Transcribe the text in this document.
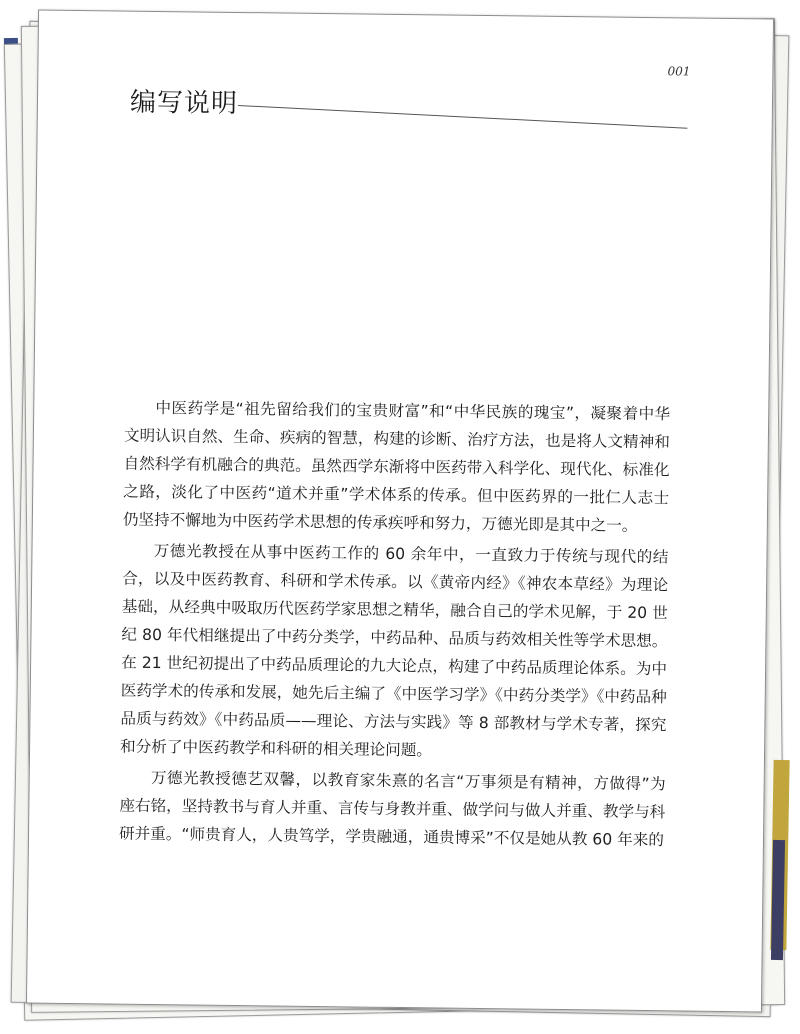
001

编写说明

中医药学是“祖先留给我们的宝贵财富”和“中华民族的瑰宝”，凝聚着中华文明认识自然、生命、疾病的智慧，构建的诊断、治疗方法，也是将人文精神和自然科学有机融合的典范。虽然西学东渐将中医药带入科学化、现代化、标准化之路，淡化了中医药“道术并重”学术体系的传承。但中医药界的一批仁人志士仍坚持不懈地为中医药学术思想的传承疾呼和努力，万德光即是其中之一。

万德光教授在从事中医药工作的 60 余年中，一直致力于传统与现代的结合，以及中医药教育、科研和学术传承。以《黄帝内经》《神农本草经》为理论基础，从经典中吸取历代医药学家思想之精华，融合自己的学术见解，于 20 世纪 80 年代相继提出了中药分类学，中药品种、品质与药效相关性等学术思想。在 21 世纪初提出了中药品质理论的九大论点，构建了中药品质理论体系。为中医药学术的传承和发展，她先后主编了《中医学习学》《中药分类学》《中药品种品质与药效》《中药品质——理论、方法与实践》等 8 部教材与学术专著，探究和分析了中医药教学和科研的相关理论问题。

万德光教授德艺双馨，以教育家朱熹的名言“万事须是有精神，方做得”为座右铭，坚持教书与育人并重、言传与身教并重、做学问与做人并重、教学与科研并重。“师贵育人，人贵笃学，学贵融通，通贵博采”不仅是她从教 60 年来的
